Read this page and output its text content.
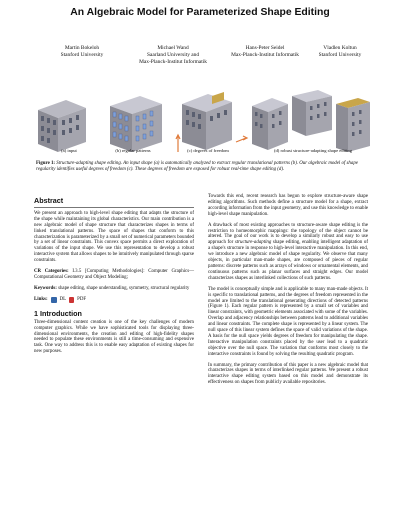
An Algebraic Model for Parameterized Shape Editing
Martin Bokeloh
Stanford University
Michael Wand
Saarland University and
Max-Planck-Institut Informatik
Hans-Peter Seidel
Max-Planck-Institut Informatik
Vladlen Koltun
Stanford University
(a) input	(b) regular patterns	(c) degrees of freedom	(d) robust structure-adapting shape editing
Figure 1: Structure-adapting shape editing. An input shape (a) is automatically analyzed to extract regular translational patterns (b). Our algebraic model of shape regularity identifies useful degrees of freedom (c). These degrees of freedom are exposed for robust real-time shape editing (d).
Abstract

We present an approach to high-level shape editing that adapts the structure of the shape while maintaining its global characteristics. Our main contribution is a new algebraic model of shape structure that characterizes shapes in terms of linked translational patterns. The space of shapes that conform to this characterization is parameterized by a small set of numerical parameters bounded by a set of linear constraints. This convex space permits a direct exploration of variations of the input shape. We use this representation to develop a robust interactive system that allows shapes to be intuitively manipulated through sparse constraints.

CR Categories: I.3.5 [Computing Methodologies]: Computer Graphics—Computational Geometry and Object Modeling;

Keywords: shape editing, shape understanding, symmetry, structural regularity

Links: DL PDF
1 Introduction

Three-dimensional content creation is one of the key challenges of modern computer graphics. While we have sophisticated tools for displaying three-dimensional environments, the creation and editing of high-fidelity shapes needed to populate these environments is still a time-consuming and expensive task. One way to address this is to enable easy adaptation of existing shapes for new purposes.

Towards this end, recent research has begun to explore structure-aware shape editing algorithms. Such methods define a structure model for a shape, extract according information from the input geometry, and use this knowledge to enable high-level shape manipulation.

A drawback of most existing approaches to structure-aware shape editing is the restriction to homeomorphic mappings: the topology of the object cannot be altered. The goal of our work is to develop a similarly robust and easy to use approach for structure-adapting shape editing, enabling intelligent adaptation of a shape's structure in response to high-level interactive manipulation. In this end, we introduce a new algebraic model of shape regularity. We observe that many objects, in particular man-made shapes, are composed of pieces of regular patterns: discrete patterns such as arrays of windows or ornamental elements, and continuous patterns such as planar surfaces and straight edges. Our model characterizes shapes as interlinked collections of such patterns.

The model is conceptually simple and is applicable to many man-made objects. It is specific to translational patterns, and the degrees of freedom represented in the model are limited to the translational generating directions of detected patterns (Figure 1). Each regular pattern is represented by a small set of variables and linear constraints, with geometric elements associated with some of the variables. Overlap and adjacency relationships between patterns lead to additional variables and linear constraints. The complete shape is represented by a linear system. The null space of this linear system defines the space of valid variations of the shape. A basis for the null space yields degrees of freedom for manipulating the shape. Interactive manipulation constraints placed by the user lead to a quadratic objective over the null space. The variation that conforms most closely to the interactive constraints is found by solving the resulting quadratic program.

In summary, the primary contribution of this paper is a new algebraic model that characterizes shapes in terms of interlinked regular patterns. We present a robust interactive shape editing system based on this model and demonstrate its effectiveness on shapes from publicly available repositories.
